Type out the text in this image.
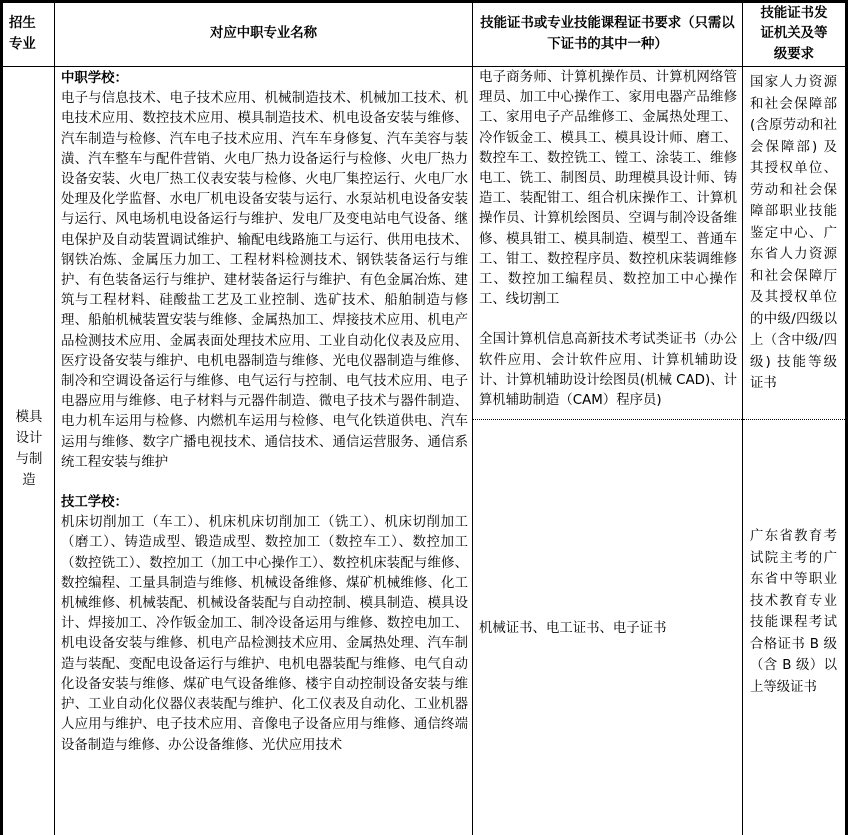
招生专业
对应中职专业名称
技能证书或专业技能课程证书要求（只需以下证书的其中一种）
技能证书发证机关及等级要求
模具设计与制造

中职学校：

电子与信息技术、电子技术应用、机械制造技术、机械加工技术、机电技术应用、数控技术应用、模具制造技术、机电设备安装与维修、汽车制造与检修、汽车电子技术应用、汽车车身修复、汽车美容与装潢、汽车整车与配件营销、火电厂热力设备运行与检修、火电厂热力设备安装、火电厂热工仪表安装与检修、火电厂集控运行、火电厂水处理及化学监督、水电厂机电设备安装与运行、水泵站机电设备安装与运行、风电场机电设备运行与维护、发电厂及变电站电气设备、继电保护及自动装置调试维护、输配电线路施工与运行、供用电技术、钢铁冶炼、金属压力加工、工程材料检测技术、钢铁装备运行与维护、有色装备运行与维护、建材装备运行与维护、有色金属冶炼、建筑与工程材料、硅酸盐工艺及工业控制、选矿技术、船舶制造与修理、船舶机械装置安装与维修、金属热加工、焊接技术应用、机电产品检测技术应用、金属表面处理技术应用、工业自动化仪表及应用、医疗设备安装与维护、电机电器制造与维修、光电仪器制造与维修、制冷和空调设备运行与维修、电气运行与控制、电气技术应用、电子电器应用与维修、电子材料与元器件制造、微电子技术与器件制造、电力机车运用与检修、内燃机车运用与检修、电气化铁道供电、汽车运用与维修、数字广播电视技术、通信技术、通信运营服务、通信系统工程安装与维护

技工学校：

机床切削加工（车工）、机床机床切削加工（铣工）、机床切削加工（磨工）、铸造成型、锻造成型、数控加工（数控车工）、数控加工（数控铣工）、数控加工（加工中心操作工）、数控机床装配与维修、数控编程、工量具制造与维修、机械设备维修、煤矿机械维修、化工机械维修、机械装配、机械设备装配与自动控制、模具制造、模具设计、焊接加工、冷作钣金加工、制冷设备运用与维修、数控电加工、机电设备安装与维修、机电产品检测技术应用、金属热处理、汽车制造与装配、变配电设备运行与维护、电机电器装配与维修、电气自动化设备安装与维修、煤矿电气设备维修、楼宇自动控制设备安装与维护、工业自动化仪器仪表装配与维护、化工仪表及自动化、工业机器人应用与维护、电子技术应用、音像电子设备应用与维修、通信终端设备制造与维修、办公设备维修、光伏应用技术

电子商务师、计算机操作员、计算机网络管理员、加工中心操作工、家用电器产品维修工、家用电子产品维修工、金属热处理工、冷作钣金工、模具工、模具设计师、磨工、数控车工、数控铣工、镗工、涂装工、维修电工、铣工、制图员、助理模具设计师、铸造工、装配钳工、组合机床操作工、计算机操作员、计算机绘图员、空调与制冷设备维修、模具钳工、模具制造、模型工、普通车工、钳工、数控程序员、数控机床装调维修工、数控加工编程员、数控加工中心操作工、线切割工

全国计算机信息高新技术考试类证书（办公软件应用、会计软件应用、计算机辅助设计、计算机辅助设计绘图员(机械 CAD)、计算机辅助制造（CAM）程序员)

国家人力资源和社会保障部(含原劳动和社会保障部) 及其授权单位、劳动和社会保障部职业技能鉴定中心、广东省人力资源和社会保障厅及其授权单位的中级/四级以上（含中级/四级) 技能等级证书

机械证书、电工证书、电子证书

广东省教育考试院主考的广东省中等职业技术教育专业技能课程考试合格证书 B 级（含 B 级）以上等级证书
